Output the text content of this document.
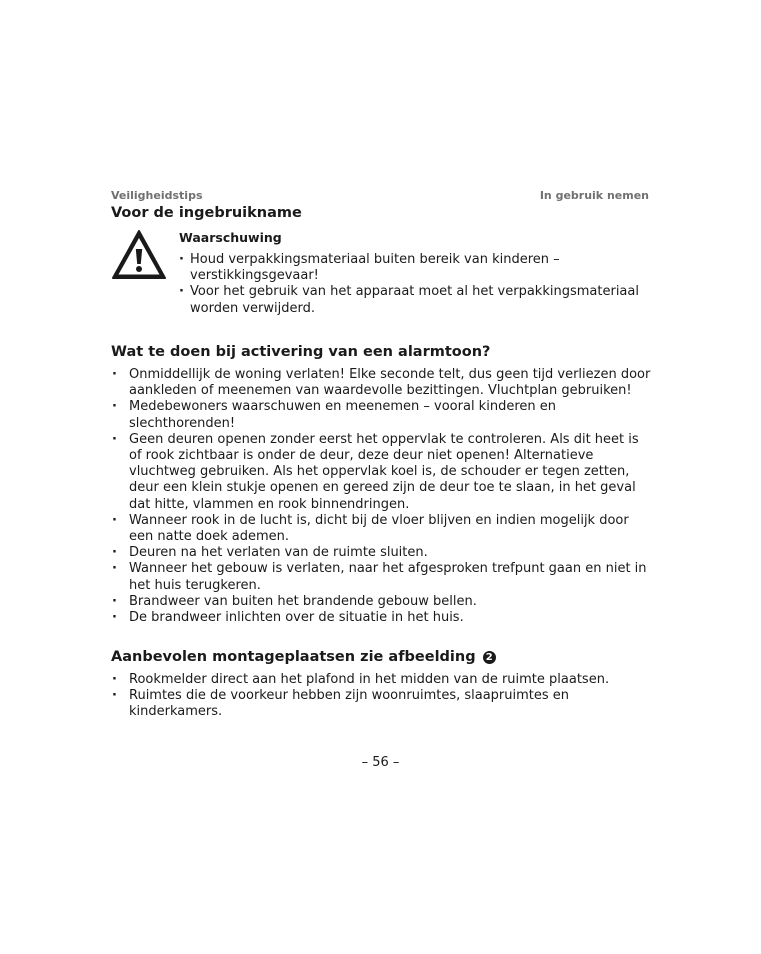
Veiligheidstips	In gebruik nemen
Voor de ingebruikname
Waarschuwing
· Houd verpakkingsmateriaal buiten bereik van kinderen – verstikkingsgevaar!
· Voor het gebruik van het apparaat moet al het verpakkingsmateriaal worden verwijderd.
Wat te doen bij activering van een alarmtoon?
· Onmiddellijk de woning verlaten! Elke seconde telt, dus geen tijd verliezen door aankleden of meenemen van waardevolle bezittingen. Vluchtplan gebruiken!
· Medebewoners waarschuwen en meenemen – vooral kinderen en slechthorenden!
· Geen deuren openen zonder eerst het oppervlak te controleren. Als dit heet is of rook zichtbaar is onder de deur, deze deur niet openen! Alternatieve vluchtweg gebruiken. Als het oppervlak koel is, de schouder er tegen zetten, deur een klein stukje openen en gereed zijn de deur toe te slaan, in het geval dat hitte, vlammen en rook binnendringen.
· Wanneer rook in de lucht is, dicht bij de vloer blijven en indien mogelijk door een natte doek ademen.
· Deuren na het verlaten van de ruimte sluiten.
· Wanneer het gebouw is verlaten, naar het afgesproken trefpunt gaan en niet in het huis terugkeren.
· Brandweer van buiten het brandende gebouw bellen.
· De brandweer inlichten over de situatie in het huis.
Aanbevolen montageplaatsen zie afbeelding 2
· Rookmelder direct aan het plafond in het midden van de ruimte plaatsen.
· Ruimtes die de voorkeur hebben zijn woonruimtes, slaapruimtes en kinderkamers.
– 56 –
